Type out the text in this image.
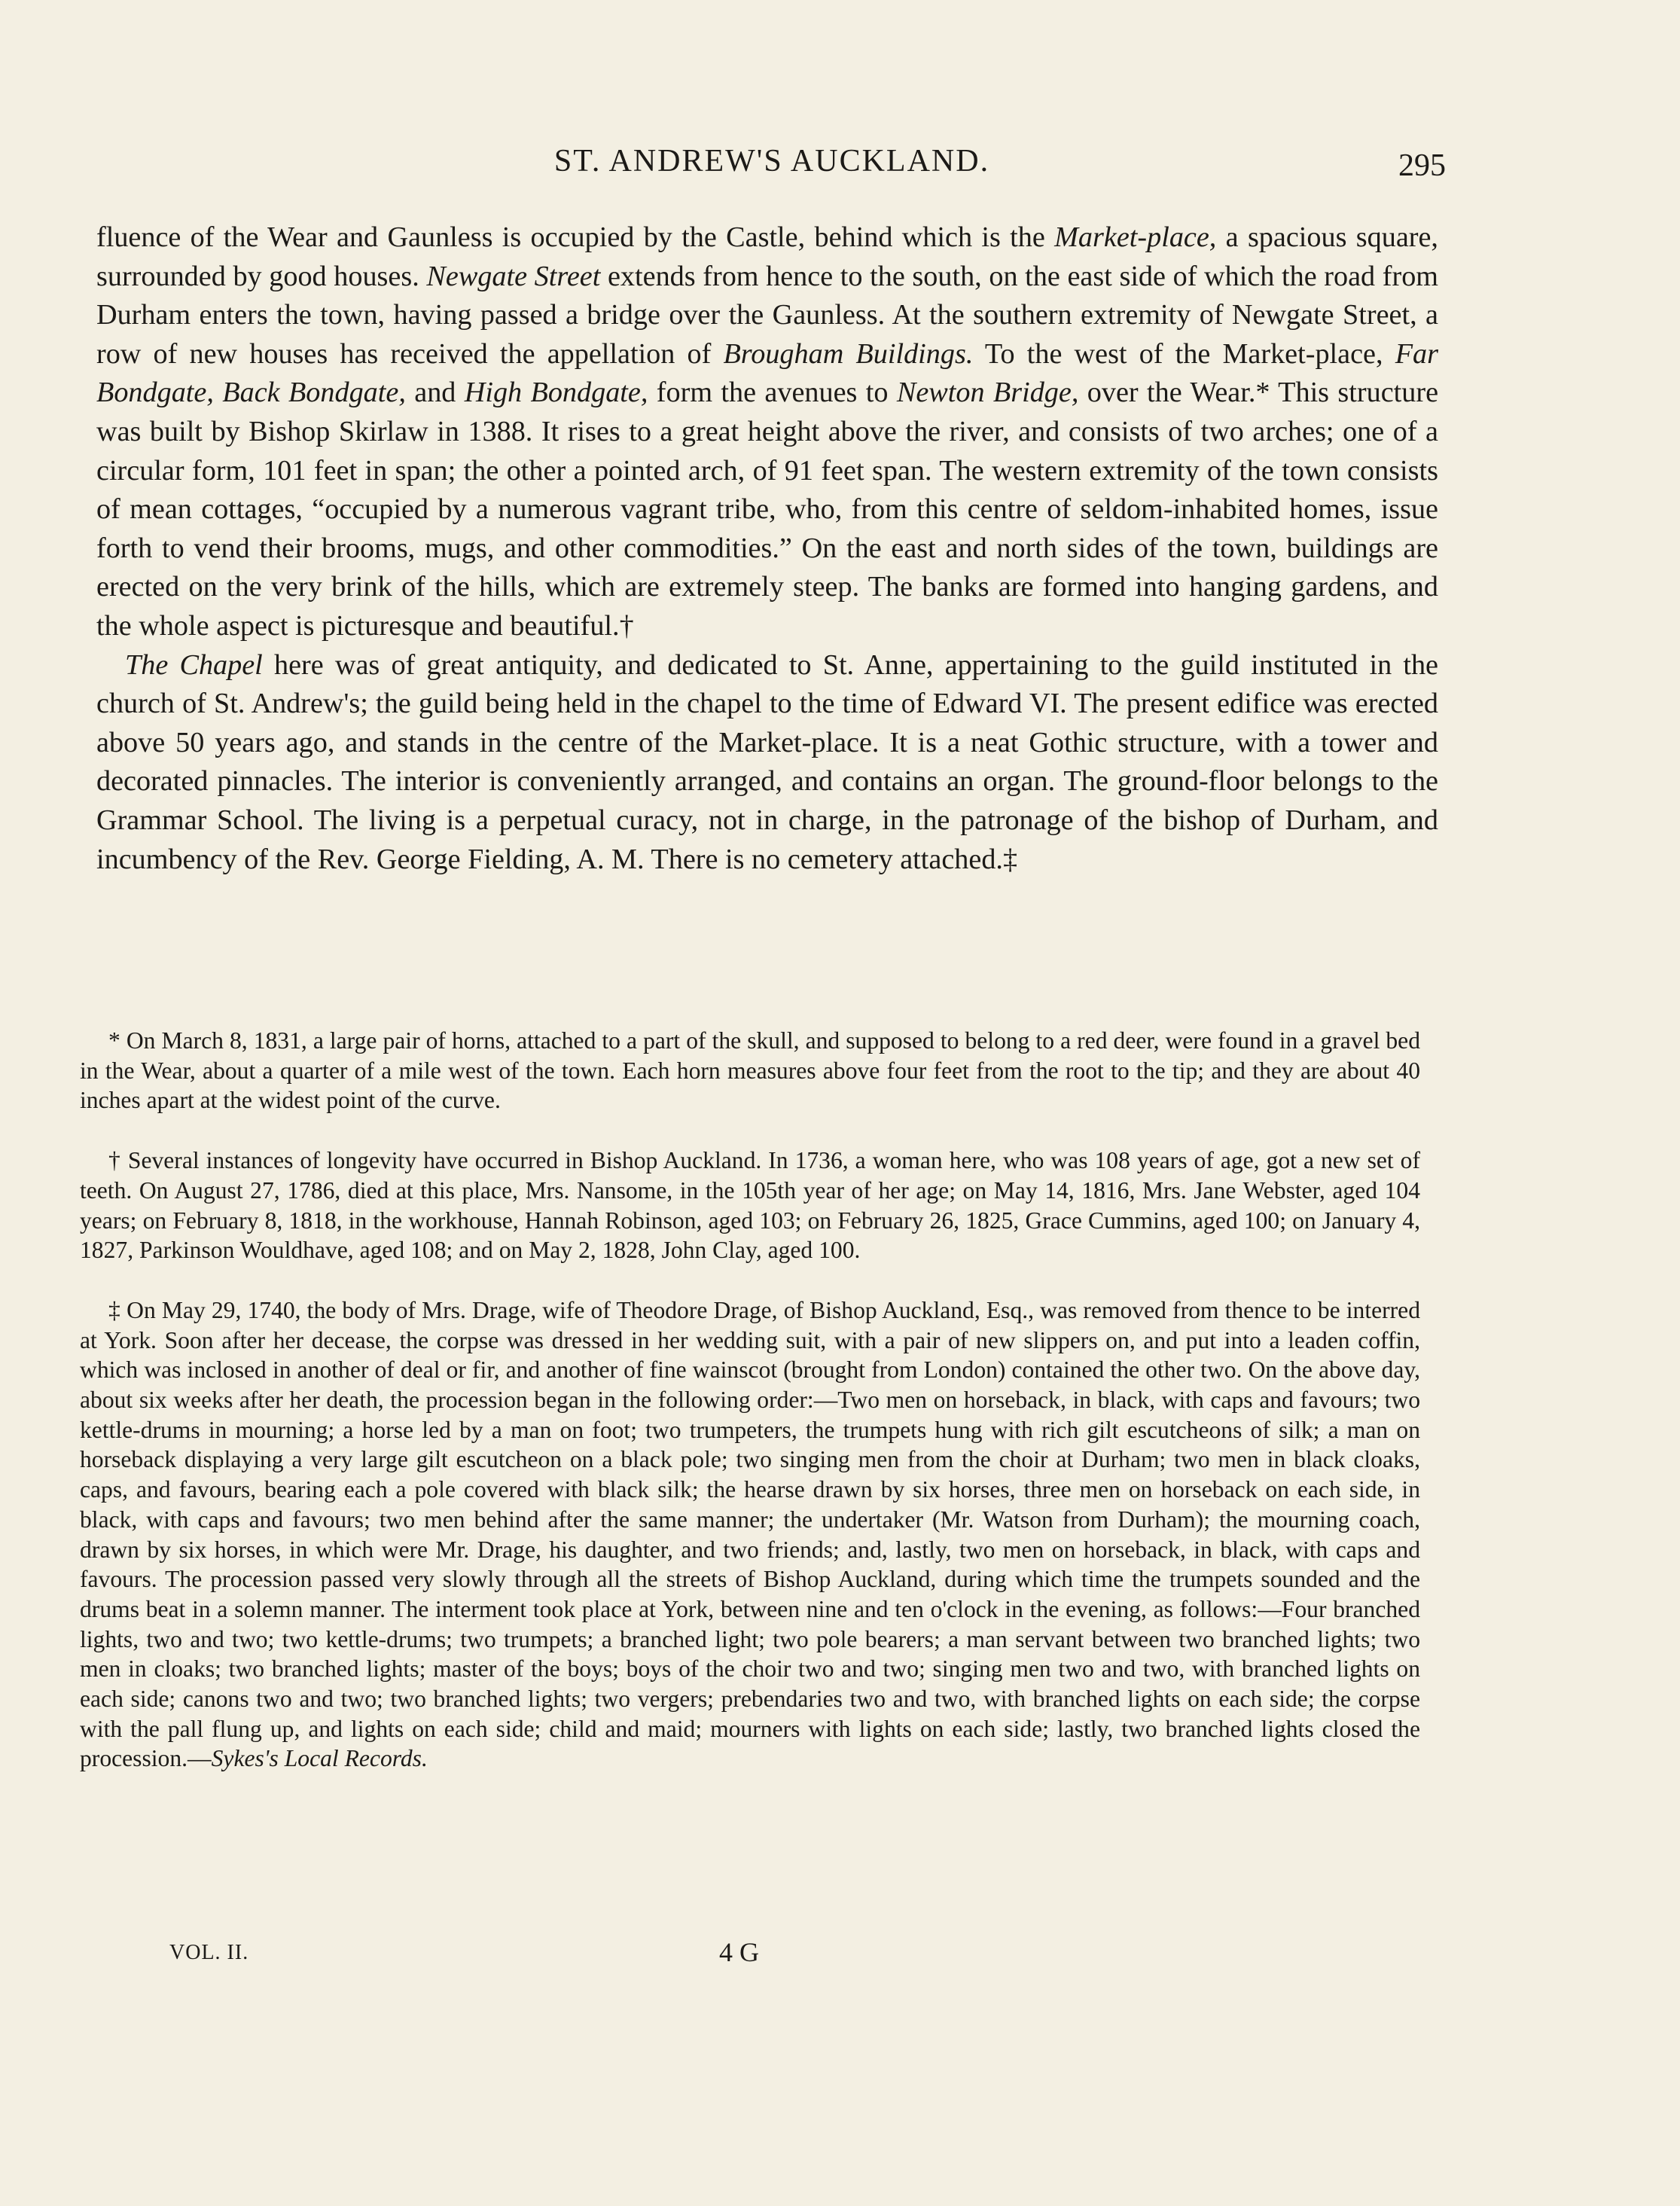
ST. ANDREW'S AUCKLAND.	295

fluence of the Wear and Gaunless is occupied by the Castle, behind which is the Market-place, a spacious square, surrounded by good houses. Newgate Street extends from hence to the south, on the east side of which the road from Durham enters the town, having passed a bridge over the Gaunless. At the southern extremity of Newgate Street, a row of new houses has received the appellation of Brougham Buildings. To the west of the Market-place, Far Bondgate, Back Bondgate, and High Bondgate, form the avenues to Newton Bridge, over the Wear.* This structure was built by Bishop Skirlaw in 1388. It rises to a great height above the river, and consists of two arches; one of a circular form, 101 feet in span; the other a pointed arch, of 91 feet span. The western extremity of the town consists of mean cottages, “occupied by a numerous vagrant tribe, who, from this centre of seldom-inhabited homes, issue forth to vend their brooms, mugs, and other commodities.” On the east and north sides of the town, buildings are erected on the very brink of the hills, which are extremely steep. The banks are formed into hanging gardens, and the whole aspect is picturesque and beautiful.†

The Chapel here was of great antiquity, and dedicated to St. Anne, appertaining to the guild instituted in the church of St. Andrew's; the guild being held in the chapel to the time of Edward VI. The present edifice was erected above 50 years ago, and stands in the centre of the Market-place. It is a neat Gothic structure, with a tower and decorated pinnacles. The interior is conveniently arranged, and contains an organ. The ground-floor belongs to the Grammar School. The living is a perpetual curacy, not in charge, in the patronage of the bishop of Durham, and incumbency of the Rev. George Fielding, A. M. There is no cemetery attached.‡

* On March 8, 1831, a large pair of horns, attached to a part of the skull, and supposed to belong to a red deer, were found in a gravel bed in the Wear, about a quarter of a mile west of the town. Each horn measures above four feet from the root to the tip; and they are about 40 inches apart at the widest point of the curve.

† Several instances of longevity have occurred in Bishop Auckland. In 1736, a woman here, who was 108 years of age, got a new set of teeth. On August 27, 1786, died at this place, Mrs. Nansome, in the 105th year of her age; on May 14, 1816, Mrs. Jane Webster, aged 104 years; on February 8, 1818, in the workhouse, Hannah Robinson, aged 103; on February 26, 1825, Grace Cummins, aged 100; on January 4, 1827, Parkinson Wouldhave, aged 108; and on May 2, 1828, John Clay, aged 100.

‡ On May 29, 1740, the body of Mrs. Drage, wife of Theodore Drage, of Bishop Auckland, Esq., was removed from thence to be interred at York. Soon after her decease, the corpse was dressed in her wedding suit, with a pair of new slippers on, and put into a leaden coffin, which was inclosed in another of deal or fir, and another of fine wainscot (brought from London) contained the other two. On the above day, about six weeks after her death, the procession began in the following order:—Two men on horseback, in black, with caps and favours; two kettle-drums in mourning; a horse led by a man on foot; two trumpeters, the trumpets hung with rich gilt escutcheons of silk; a man on horseback displaying a very large gilt escutcheon on a black pole; two singing men from the choir at Durham; two men in black cloaks, caps, and favours, bearing each a pole covered with black silk; the hearse drawn by six horses, three men on horseback on each side, in black, with caps and favours; two men behind after the same manner; the undertaker (Mr. Watson from Durham); the mourning coach, drawn by six horses, in which were Mr. Drage, his daughter, and two friends; and, lastly, two men on horseback, in black, with caps and favours. The procession passed very slowly through all the streets of Bishop Auckland, during which time the trumpets sounded and the drums beat in a solemn manner. The interment took place at York, between nine and ten o'clock in the evening, as follows:—Four branched lights, two and two; two kettle-drums; two trumpets; a branched light; two pole bearers; a man servant between two branched lights; two men in cloaks; two branched lights; master of the boys; boys of the choir two and two; singing men two and two, with branched lights on each side; canons two and two; two branched lights; two vergers; prebendaries two and two, with branched lights on each side; the corpse with the pall flung up, and lights on each side; child and maid; mourners with lights on each side; lastly, two branched lights closed the procession.—Sykes's Local Records.

VOL. II.	4 G
